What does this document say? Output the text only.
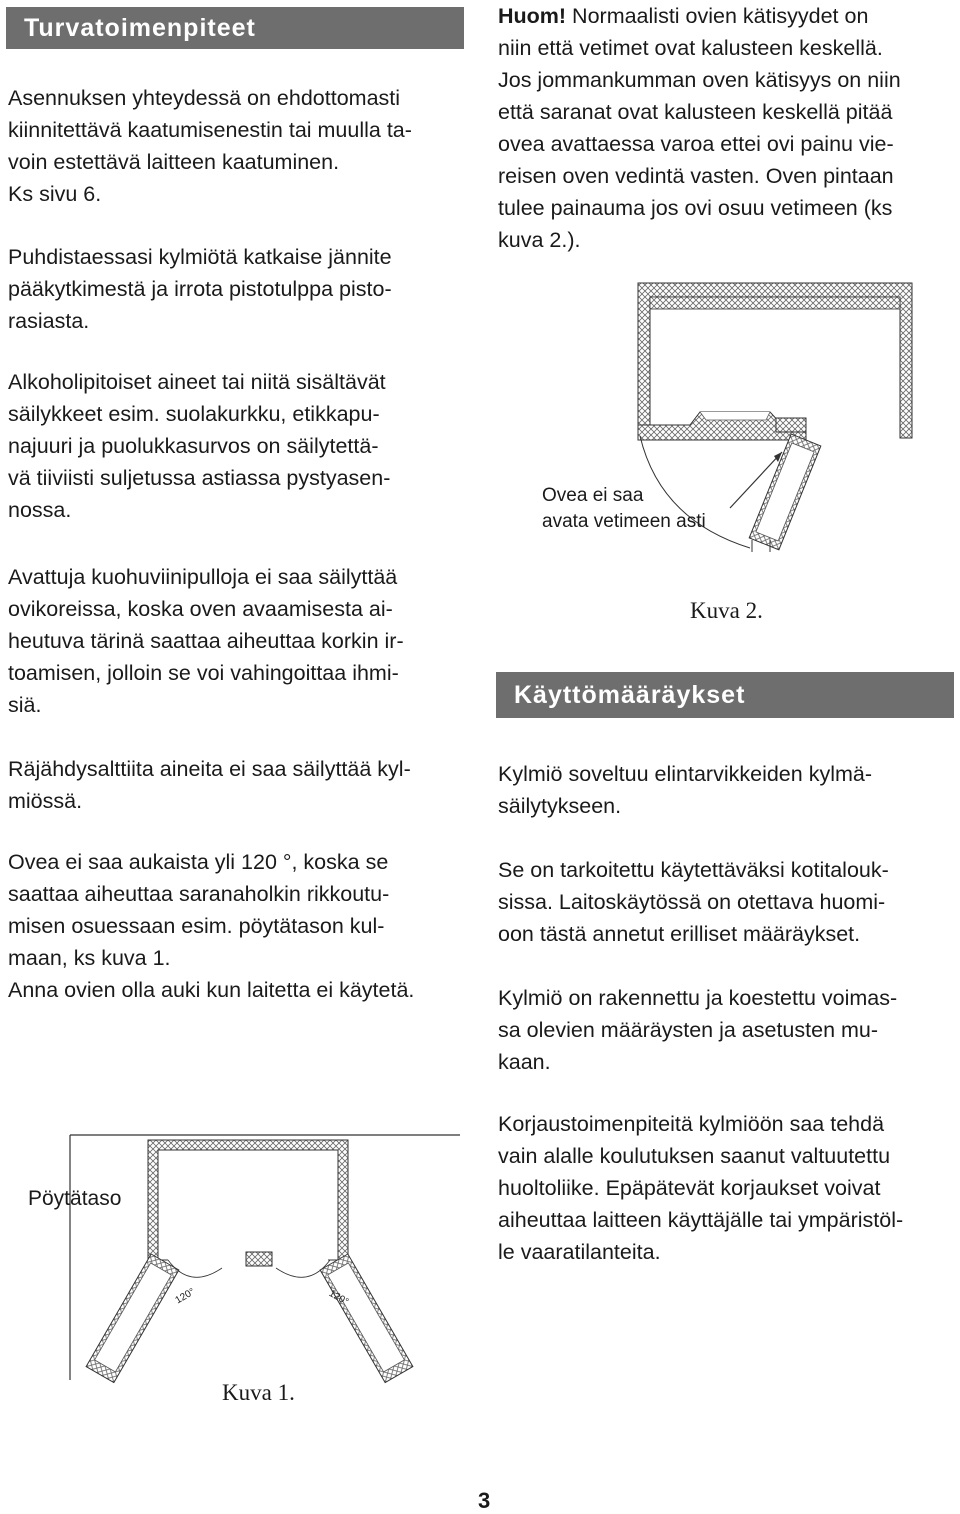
Turvatoimenpiteet
Asennuksen yhteydessä on ehdottomasti
kiinnitettävä kaatumisenestin tai muulla ta-
voin estettävä laitteen kaatuminen.
Ks sivu 6.
Puhdistaessasi kylmiötä katkaise jännite
pääkytkimestä ja irrota pistotulppa pisto-
rasiasta.
Alkoholipitoiset aineet tai niitä sisältävät
säilykkeet esim. suolakurkku, etikkapu-
najuuri ja puolukkasurvos on säilytettä-
vä tiiviisti suljetussa astiassa pystyasen-
nossa.
Avattuja kuohuviinipulloja ei saa säilyttää
ovikoreissa, koska oven avaamisesta ai-
heutuva tärinä saattaa aiheuttaa korkin ir-
toamisen, jolloin se voi vahingoittaa ihmi-
siä.
Räjähdysalttiita aineita ei saa säilyttää kyl-
miössä.
Ovea ei saa aukaista yli 120 °, koska se
saattaa aiheuttaa saranaholkin rikkoutu-
misen osuessaan esim. pöytätason kul-
maan, ks kuva 1.
Anna ovien olla auki kun laitetta ei käytetä.
120°	120°
Pöytätaso
Kuva 1.
Huom! Normaalisti ovien kätisyydet on
niin että vetimet ovat kalusteen keskellä.
Jos jommankumman oven kätisyys on niin
että saranat ovat kalusteen keskellä pitää
ovea avattaessa varoa ettei ovi painu vie-
reisen oven vedintä vasten. Oven pintaan
tulee painauma jos ovi osuu vetimeen (ks
kuva 2.).
Ovea ei saa
avata vetimeen asti
Kuva 2.
Käyttömääräykset
Kylmiö soveltuu elintarvikkeiden kylmä-
säilytykseen.
Se on tarkoitettu käytettäväksi kotitalouk-
sissa. Laitoskäytössä on otettava huomi-
oon tästä annetut erilliset määräykset.
Kylmiö on rakennettu ja koestettu voimas-
sa olevien määräysten ja asetusten mu-
kaan.
Korjaustoimenpiteitä kylmiöön saa tehdä
vain alalle koulutuksen saanut valtuutettu
huoltoliike. Epäpätevät korjaukset voivat
aiheuttaa laitteen käyttäjälle tai ympäristöl-
le vaaratilanteita.
3
